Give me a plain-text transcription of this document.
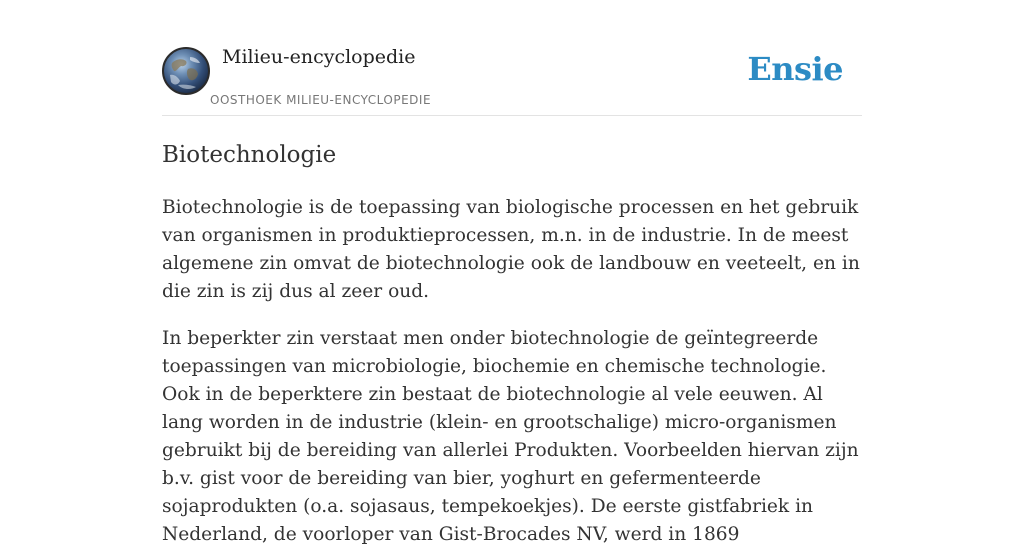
Milieu-encyclopedie
OOSTHOEK MILIEU-ENCYCLOPEDIE
Ensie
Biotechnologie

Biotechnologie is de toepassing van biologische processen en het gebruik van organismen in produktieprocessen, m.n. in de industrie. In de meest algemene zin omvat de biotechnologie ook de landbouw en veeteelt, en in die zin is zij dus al zeer oud.

In beperkter zin verstaat men onder biotechnologie de geïntegreerde toepassingen van microbiologie, biochemie en chemische technologie. Ook in de beperktere zin bestaat de biotechnologie al vele eeuwen. Al lang worden in de industrie (klein- en grootschalige) micro-organismen gebruikt bij de bereiding van allerlei Produkten. Voorbeelden hiervan zijn b.v. gist voor de bereiding van bier, yoghurt en gefermenteerde sojaprodukten (o.a. sojasaus, tempekoekjes). De eerste gistfabriek in Nederland, de voorloper van Gist-Brocades NV, werd in 1869
